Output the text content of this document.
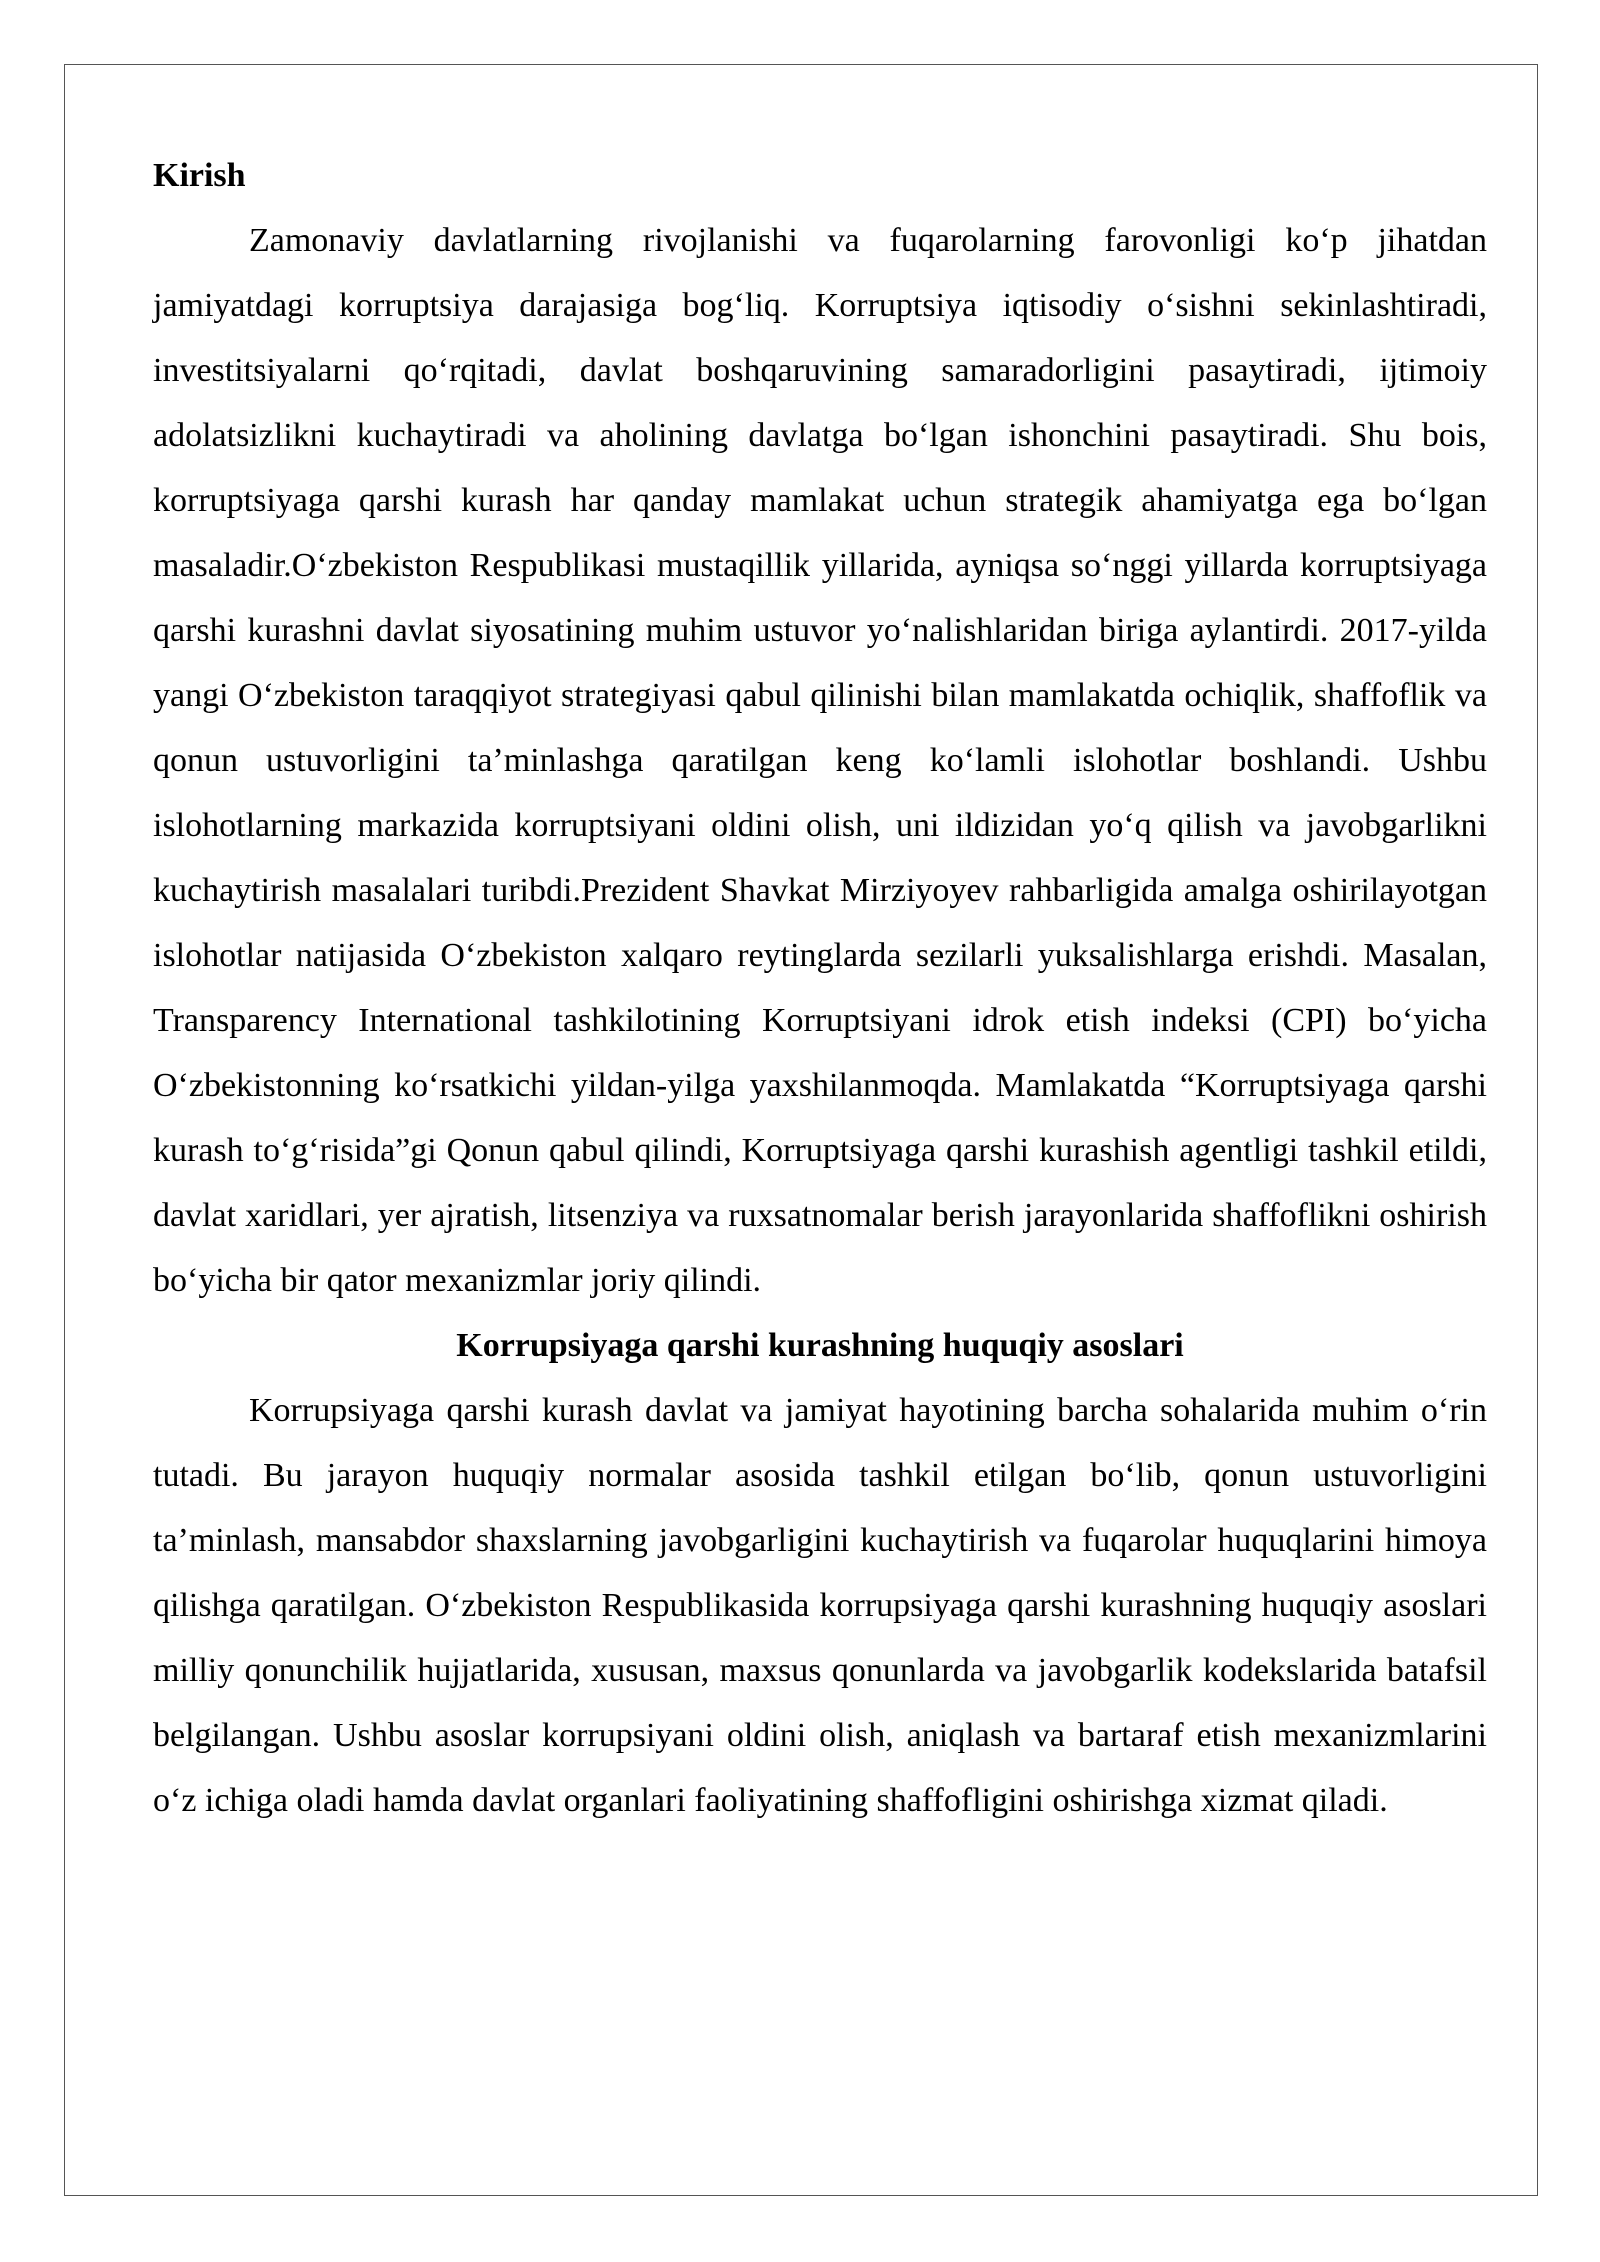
Kirish

Zamonaviy davlatlarning rivojlanishi va fuqarolarning farovonligi ko‘p jihatdan jamiyatdagi korruptsiya darajasiga bog‘liq. Korruptsiya iqtisodiy o‘sishni sekinlashtiradi, investitsiyalarni qo‘rqitadi, davlat boshqaruvining samaradorligini pasaytiradi, ijtimoiy adolatsizlikni kuchaytiradi va aholining davlatga bo‘lgan ishonchini pasaytiradi. Shu bois, korruptsiyaga qarshi kurash har qanday mamlakat uchun strategik ahamiyatga ega bo‘lgan masaladir.O‘zbekiston Respublikasi mustaqillik yillarida, ayniqsa so‘nggi yillarda korruptsiyaga qarshi kurashni davlat siyosatining muhim ustuvor yo‘nalishlaridan biriga aylantirdi. 2017-yilda yangi O‘zbekiston taraqqiyot strategiyasi qabul qilinishi bilan mamlakatda ochiqlik, shaffoflik va qonun ustuvorligini ta’minlashga qaratilgan keng ko‘lamli islohotlar boshlandi. Ushbu islohotlarning markazida korruptsiyani oldini olish, uni ildizidan yo‘q qilish va javobgarlikni kuchaytirish masalalari turibdi.Prezident Shavkat Mirziyoyev rahbarligida amalga oshirilayotgan islohotlar natijasida O‘zbekiston xalqaro reytinglarda sezilarli yuksalishlarga erishdi. Masalan, Transparency International tashkilotining Korruptsiyani idrok etish indeksi (CPI) bo‘yicha O‘zbekistonning ko‘rsatkichi yildan-yilga yaxshilanmoqda. Mamlakatda “Korruptsiyaga qarshi kurash to‘g‘risida”gi Qonun qabul qilindi, Korruptsiyaga qarshi kurashish agentligi tashkil etildi, davlat xaridlari, yer ajratish, litsenziya va ruxsatnomalar berish jarayonlarida shaffoflikni oshirish bo‘yicha bir qator mexanizmlar joriy qilindi.

Korrupsiyaga qarshi kurashning huquqiy asoslari

Korrupsiyaga qarshi kurash davlat va jamiyat hayotining barcha sohalarida muhim o‘rin tutadi. Bu jarayon huquqiy normalar asosida tashkil etilgan bo‘lib, qonun ustuvorligini ta’minlash, mansabdor shaxslarning javobgarligini kuchaytirish va fuqarolar huquqlarini himoya qilishga qaratilgan. O‘zbekiston Respublikasida korrupsiyaga qarshi kurashning huquqiy asoslari milliy qonunchilik hujjatlarida, xususan, maxsus qonunlarda va javobgarlik kodekslarida batafsil belgilangan. Ushbu asoslar korrupsiyani oldini olish, aniqlash va bartaraf etish mexanizmlarini o‘z ichiga oladi hamda davlat organlari faoliyatining shaffofligini oshirishga xizmat qiladi.
